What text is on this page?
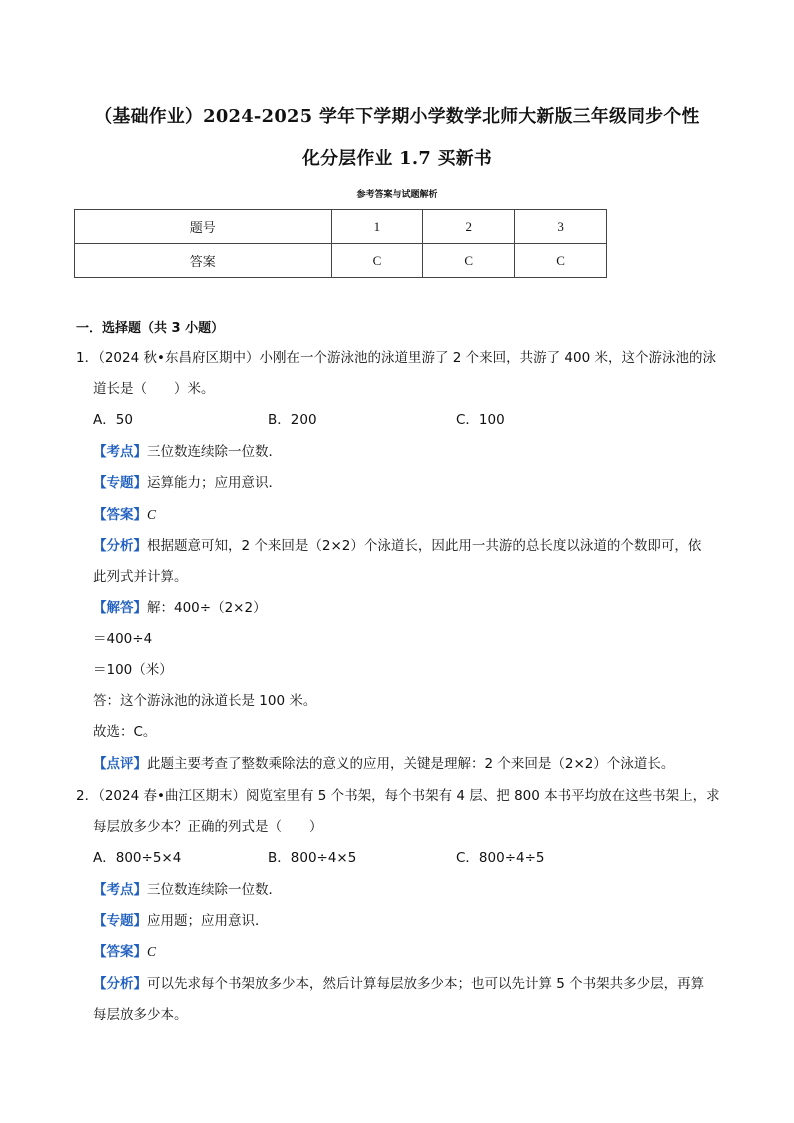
（基础作业）2024-2025 学年下学期小学数学北师大新版三年级同步个性
化分层作业 1.7 买新书
参考答案与试题解析
题号	1	2	3
答案	C	C	C
一．选择题（共 3 小题）
1．（2024 秋•东昌府区期中）小刚在一个游泳池的泳道里游了 2 个来回，共游了 400 米，这个游泳池的泳
道长是（　　）米。
A．50	B．200	C．100
【考点】三位数连续除一位数．
【专题】运算能力；应用意识．
【答案】C
【分析】根据题意可知，2 个来回是（2×2）个泳道长，因此用一共游的总长度以泳道的个数即可，依
此列式并计算。
【解答】解：400÷（2×2）
＝400÷4
＝100（米）
答：这个游泳池的泳道长是 100 米。
故选：C。
【点评】此题主要考查了整数乘除法的意义的应用，关键是理解：2 个来回是（2×2）个泳道长。
2．（2024 春•曲江区期末）阅览室里有 5 个书架，每个书架有 4 层、把 800 本书平均放在这些书架上，求
每层放多少本？正确的列式是（　　）
A．800÷5×4	B．800÷4×5	C．800÷4÷5
【考点】三位数连续除一位数．
【专题】应用题；应用意识．
【答案】C
【分析】可以先求每个书架放多少本，然后计算每层放多少本；也可以先计算 5 个书架共多少层，再算
每层放多少本。
